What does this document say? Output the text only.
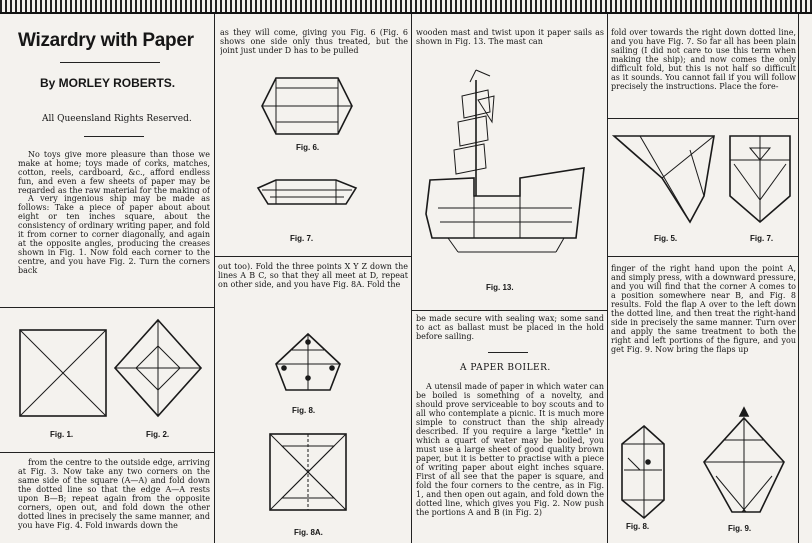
Wizardry with Paper
By MORLEY ROBERTS.
All Queensland Rights Reserved.
No toys give more pleasure than those we make at home; toys made of corks, matches, cotton, reels, cardboard, &c., afford endless fun, and even a few sheets of paper may be regarded as the raw material for the making of
A very ingenious ship may be made as follows: Take a piece of paper about about eight or ten inches square, about the consistency of ordinary writing paper, and fold it from corner to corner diagonally, and again at the opposite angles, producing the creases shown in Fig. 1. Now fold each corner to the centre, and you have Fig. 2. Turn the corners back
Fig. 1.	Fig. 2.
from the centre to the outside edge, arriving at Fig. 3. Now take any two corners on the same side of the square (A—A) and fold down the dotted line so that the edge A—A rests upon B—B; repeat again from the opposite corners, open out, and fold down the other dotted lines in precisely the same manner, and you have Fig. 4. Fold inwards down the
as they will come, giving you Fig. 6 (Fig. 6 shows one side only thus treated, but the joint just under D has to be pulled
Fig. 6.
Fig. 7.
out too). Fold the three points X Y Z down the lines A B C, so that they all meet at D, repeat on other side, and you have Fig. 8A. Fold the
Fig. 8.
Fig. 8A.
wooden mast and twist upon it paper sails as shown in Fig. 13. The mast can
Fig. 13.
be made secure with sealing wax; some sand to act as ballast must be placed in the hold before sailing.
A PAPER BOILER.
A utensil made of paper in which water can be boiled is something of a novelty, and should prove serviceable to boy scouts and to all who contemplate a picnic. It is much more simple to construct than the ship already described. If you require a large "kettle" in which a quart of water may be boiled, you must use a large sheet of good quality brown paper, but it is better to practise with a piece of writing paper about eight inches square. First of all see that the paper is square, and fold the four corners to the centre, as in Fig. 1, and then open out again, and fold down the dotted line, which gives you Fig. 2. Now push the portions A and B (in Fig. 2)
fold over towards the right down dotted line, and you have Fig. 7. So far all has been plain sailing (I did not care to use this term when making the ship); and now comes the only difficult fold, but this is not half so difficult as it sounds. You cannot fail if you will follow precisely the instructions. Place the fore-
Fig. 5.	Fig. 7.
finger of the right hand upon the point A, and simply press, with a downward pressure, and you will find that the corner A comes to a position somewhere near B, and Fig. 8 results. Fold the flap A over to the left down the dotted line, and then treat the right-hand side in precisely the same manner. Turn over and apply the same treatment to both the right and left portions of the figure, and you get Fig. 9. Now bring the flaps up
Fig. 8.	Fig. 9.
